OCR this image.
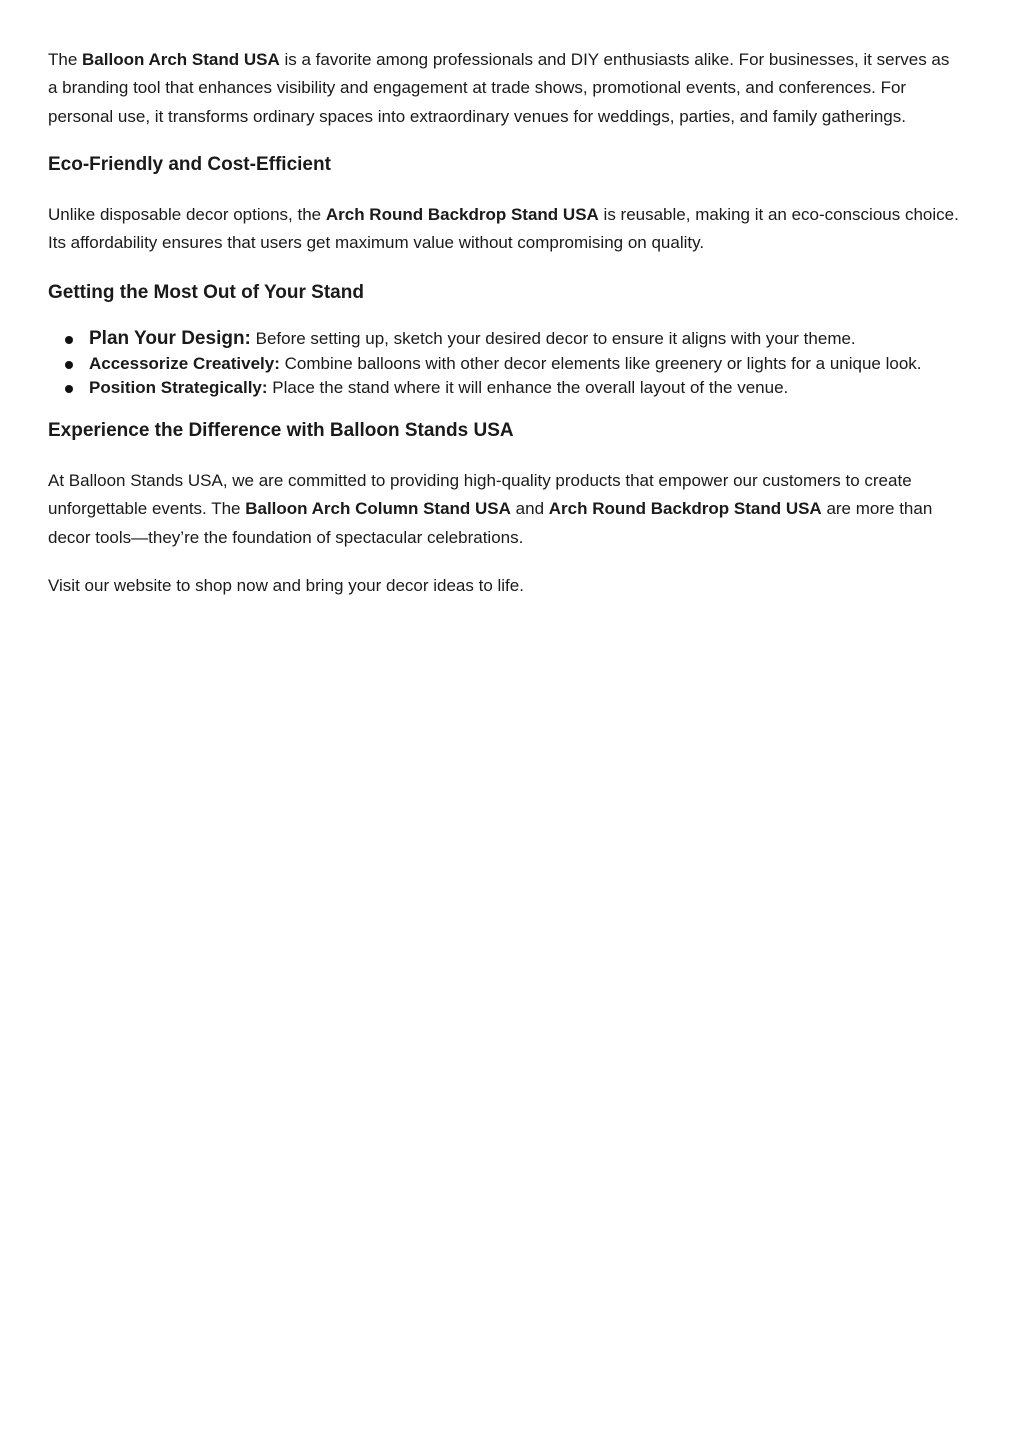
The Balloon Arch Stand USA is a favorite among professionals and DIY enthusiasts alike. For businesses, it serves as a branding tool that enhances visibility and engagement at trade shows, promotional events, and conferences. For personal use, it transforms ordinary spaces into extraordinary venues for weddings, parties, and family gatherings.

Eco-Friendly and Cost-Efficient

Unlike disposable decor options, the Arch Round Backdrop Stand USA is reusable, making it an eco-conscious choice. Its affordability ensures that users get maximum value without compromising on quality.

Getting the Most Out of Your Stand
Plan Your Design: Before setting up, sketch your desired decor to ensure it aligns with your theme.
Accessorize Creatively: Combine balloons with other decor elements like greenery or lights for a unique look.
Position Strategically: Place the stand where it will enhance the overall layout of the venue.
Experience the Difference with Balloon Stands USA

At Balloon Stands USA, we are committed to providing high-quality products that empower our customers to create unforgettable events. The Balloon Arch Column Stand USA and Arch Round Backdrop Stand USA are more than decor tools—they’re the foundation of spectacular celebrations.

Visit our website to shop now and bring your decor ideas to life.
